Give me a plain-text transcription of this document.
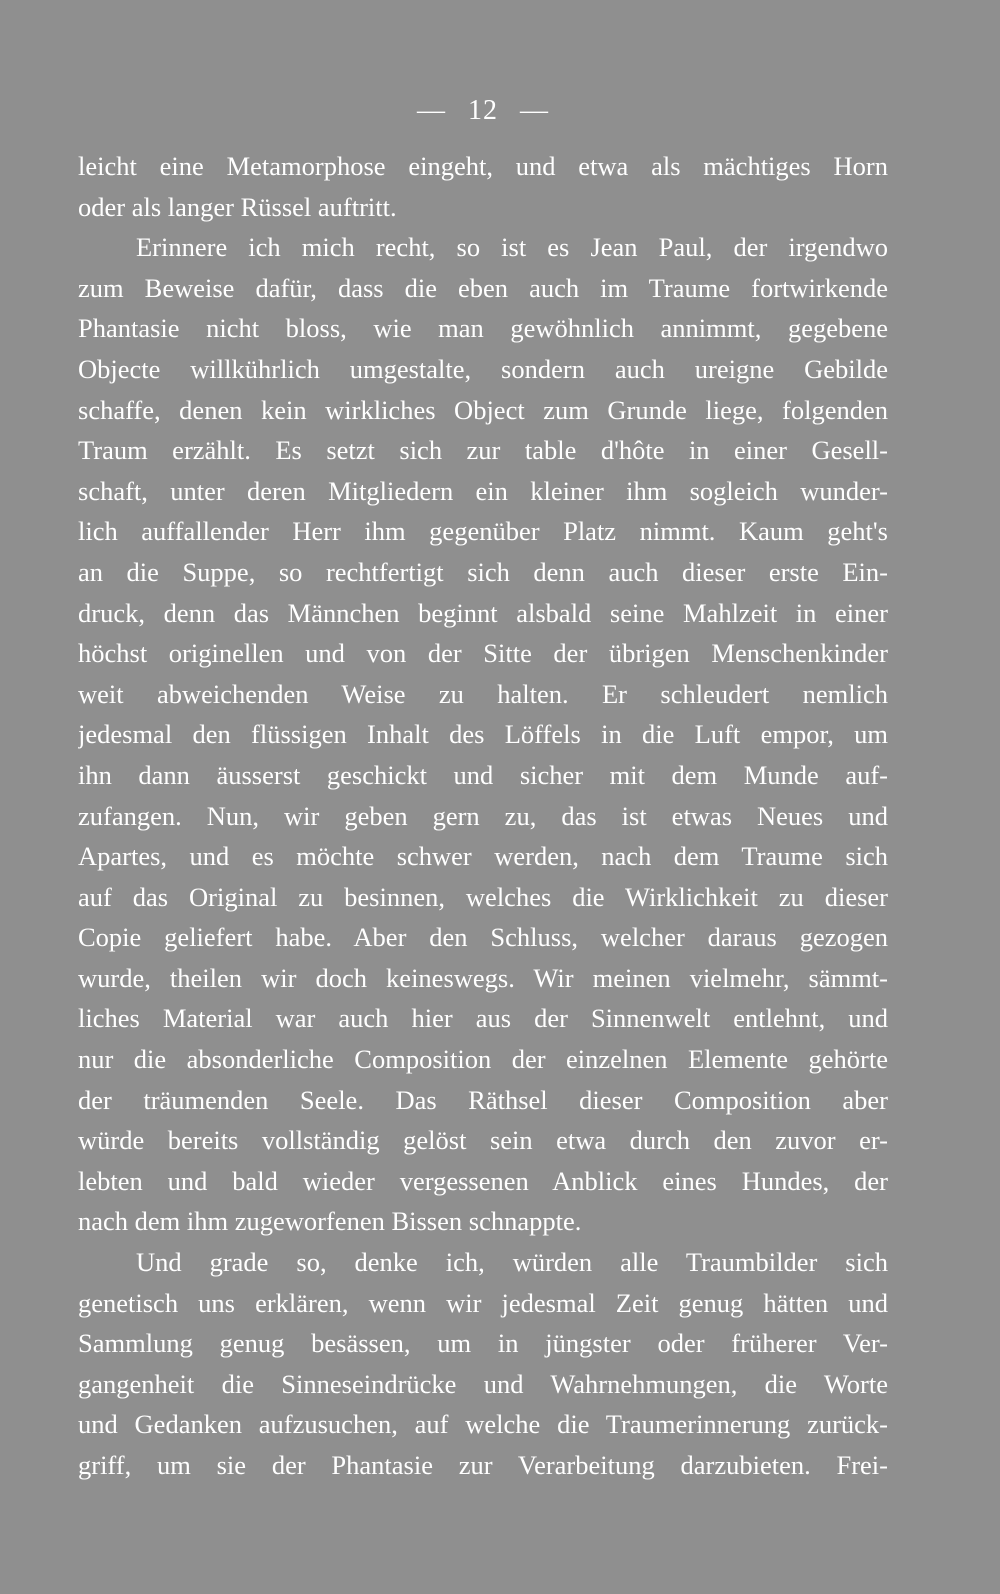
— 12 —
leicht eine Metamorphose eingeht, und etwa als mächtiges Horn
oder als langer Rüssel auftritt.
Erinnere ich mich recht, so ist es Jean Paul, der irgendwo
zum Beweise dafür, dass die eben auch im Traume fortwirkende
Phantasie nicht bloss, wie man gewöhnlich annimmt, gegebene
Objecte willkührlich umgestalte, sondern auch ureigne Gebilde
schaffe, denen kein wirkliches Object zum Grunde liege, folgenden
Traum erzählt. Es setzt sich zur table d'hôte in einer Gesell-
schaft, unter deren Mitgliedern ein kleiner ihm sogleich wunder-
lich auffallender Herr ihm gegenüber Platz nimmt. Kaum geht's
an die Suppe, so rechtfertigt sich denn auch dieser erste Ein-
druck, denn das Männchen beginnt alsbald seine Mahlzeit in einer
höchst originellen und von der Sitte der übrigen Menschenkinder
weit abweichenden Weise zu halten. Er schleudert nemlich
jedesmal den flüssigen Inhalt des Löffels in die Luft empor, um
ihn dann äusserst geschickt und sicher mit dem Munde auf-
zufangen. Nun, wir geben gern zu, das ist etwas Neues und
Apartes, und es möchte schwer werden, nach dem Traume sich
auf das Original zu besinnen, welches die Wirklichkeit zu dieser
Copie geliefert habe. Aber den Schluss, welcher daraus gezogen
wurde, theilen wir doch keineswegs. Wir meinen vielmehr, sämmt-
liches Material war auch hier aus der Sinnenwelt entlehnt, und
nur die absonderliche Composition der einzelnen Elemente gehörte
der träumenden Seele. Das Räthsel dieser Composition aber
würde bereits vollständig gelöst sein etwa durch den zuvor er-
lebten und bald wieder vergessenen Anblick eines Hundes, der
nach dem ihm zugeworfenen Bissen schnappte.
Und grade so, denke ich, würden alle Traumbilder sich
genetisch uns erklären, wenn wir jedesmal Zeit genug hätten und
Sammlung genug besässen, um in jüngster oder früherer Ver-
gangenheit die Sinneseindrücke und Wahrnehmungen, die Worte
und Gedanken aufzusuchen, auf welche die Traumerinnerung zurück-
griff, um sie der Phantasie zur Verarbeitung darzubieten. Frei-
